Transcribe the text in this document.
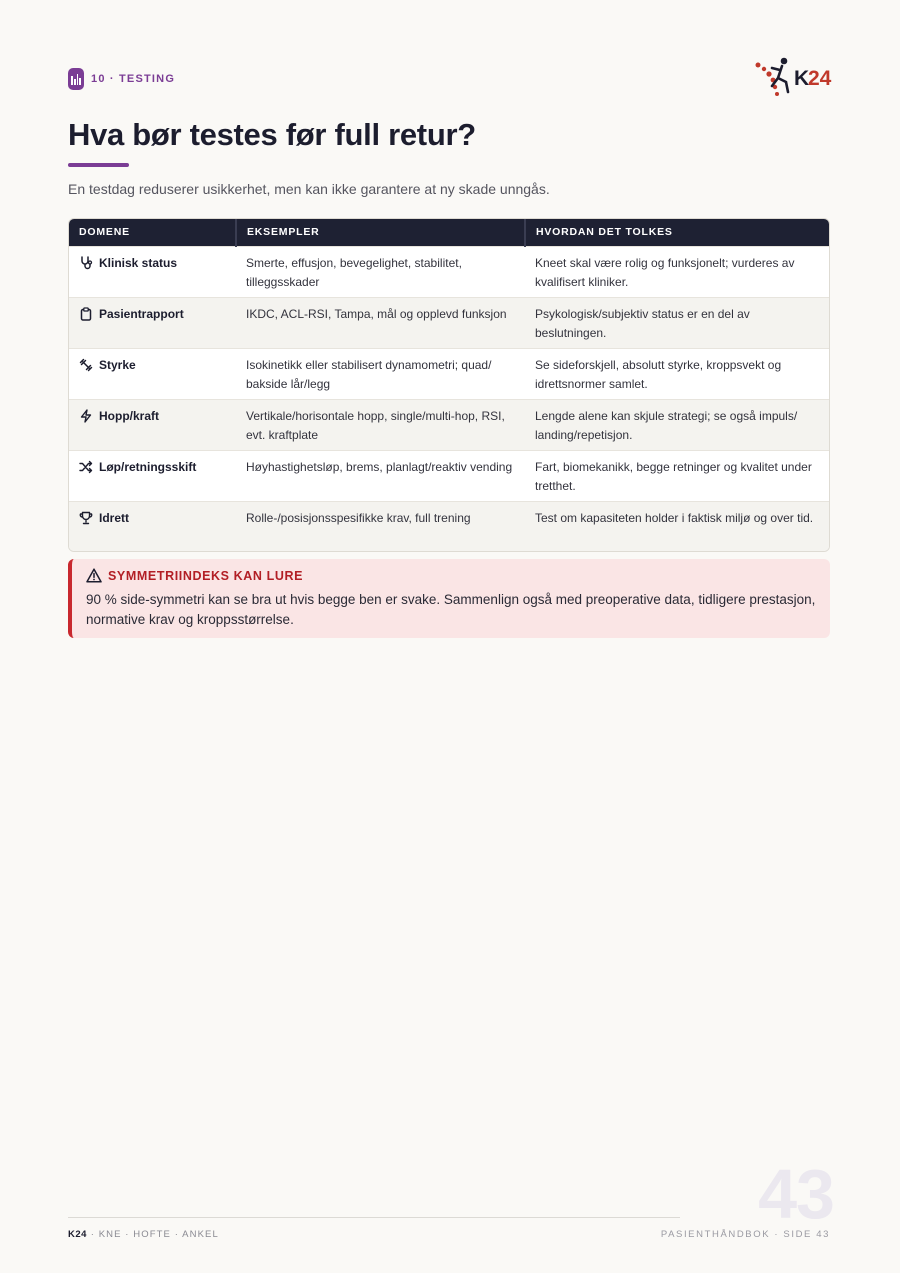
10 · TESTING	K
24
Hva bør testes før full retur?

En testdag reduserer usikkerhet, men kan ikke garantere at ny skade unngås.

DOMENE	EKSEMPLER	HVORDAN DET TOLKES

Klinisk status	Smerte, effusjon, bevegelighet, stabilitet, tilleggsskader	Kneet skal være rolig og funksjonelt; vurderes av kvalifisert kliniker.

Pasientrapport	IKDC, ACL-RSI, Tampa, mål og opplevd funksjon	Psykologisk/subjektiv status er en del av beslutningen.

Styrke	Isokinetikk eller stabilisert dynamometri; quad/ bakside lår/legg	Se sideforskjell, absolutt styrke, kroppsvekt og idrettsnormer samlet.

Hopp/kraft	Vertikale/horisontale hopp, single/multi-hop, RSI, evt. kraftplate	Lengde alene kan skjule strategi; se også impuls/ landing/repetisjon.

Løp/retningsskift	Høyhastighetsløp, brems, planlagt/reaktiv vending	Fart, biomekanikk, begge retninger og kvalitet under tretthet.

Idrett	Rolle-/posisjonsspesifikke krav, full trening	Test om kapasiteten holder i faktisk miljø og over tid.
SYMMETRIINDEKS KAN LURE

90 % side-symmetri kan se bra ut hvis begge ben er svake. Sammenlign også med preoperative data, tidligere prestasjon, normative krav og kroppsstørrelse.

43
K24 · KNE · HOFTE · ANKEL	PASIENTHÅNDBOK · SIDE 43
